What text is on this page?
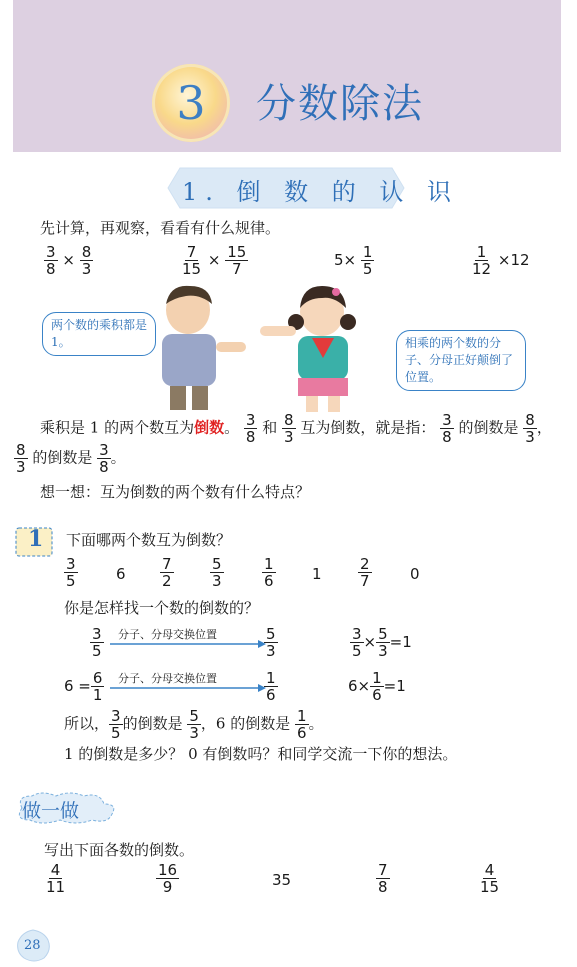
3 分数除法
1. 倒 数 的 认 识
先计算，再观察，看看有什么规律。
$\frac{3}{8} \times \frac{8}{3}$	$\frac{7}{15} \times \frac{15}{7}$	$5\times \frac{1}{5}$	$\frac{1}{12} \times 12$
两个数的乘积都是1。	相乘的两个数的分子、分母正好颠倒了位置。
乘积是 1 的两个数互为倒数。 $\frac{3}{8}$ 和 $\frac{8}{3}$ 互为倒数，就是指： $\frac{3}{8}$ 的倒数是 $\frac{8}{3}$ ，
$\frac{8}{3}$ 的倒数是 $\frac{3}{8}$ 。
想一想：互为倒数的两个数有什么特点？
1 下面哪两个数互为倒数？
$\frac{3}{5}$	$6 \frac{7}{2} \frac{5}{3}$	$\frac{1}{6} 1 \frac{2}{7}$	0
你是怎样找一个数的倒数的？
$\frac{3}{5}$ 分子、分母交换位置	$\frac{5}{3}$	$\frac{3}{5} \times \frac{5}{3} =1$
$6 = \frac{6}{1}$ 分子、分母交换位置	$\frac{1}{6}$	$6\times \frac{1}{6} =1$
所以， $\frac{3}{5}$ 的倒数是 $\frac{5}{3}$ ，6 的倒数是 $\frac{1}{6}$ 。
1 的倒数是多少？ 0 有倒数吗？和同学交流一下你的想法。
做一做
写出下面各数的倒数。
$\frac{4}{11}$	$\frac{16}{9}$	35	$\frac{7}{8}$	$\frac{4}{15}$
28
